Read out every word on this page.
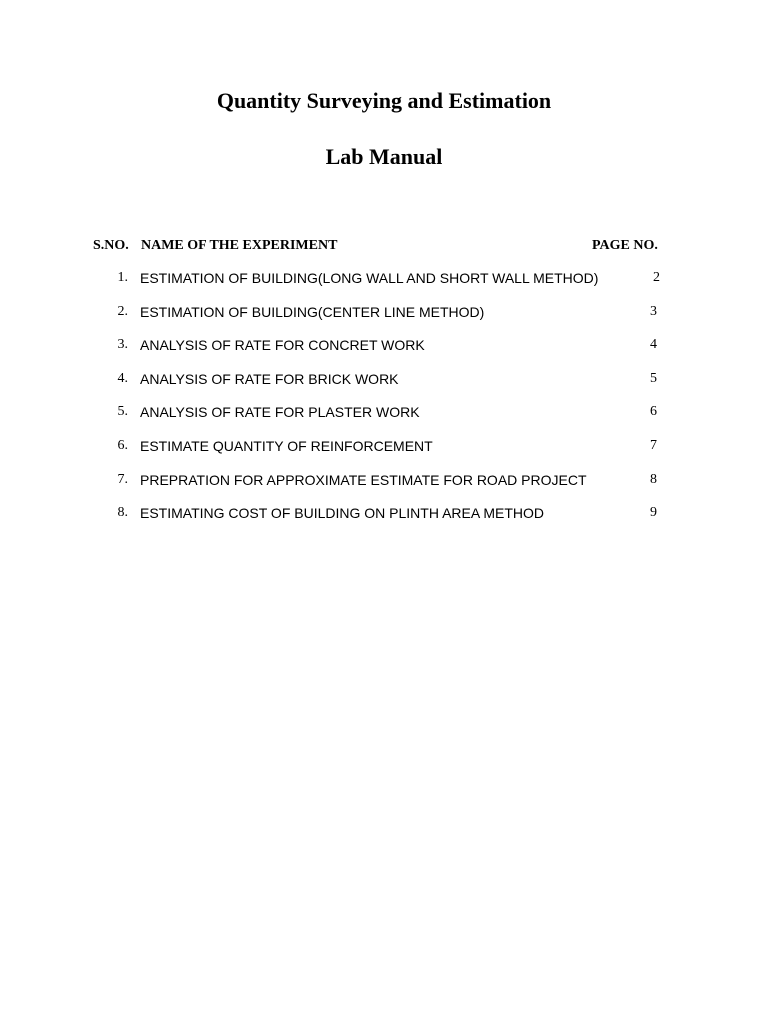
Quantity Surveying and Estimation
Lab Manual
S.NO. NAME OF THE EXPERIMENT	PAGE NO.
1. ESTIMATION OF BUILDING(LONG WALL AND SHORT WALL METHOD)	2
2. ESTIMATION OF BUILDING(CENTER LINE METHOD)	3
3. ANALYSIS OF RATE FOR CONCRET WORK	4
4. ANALYSIS OF RATE FOR BRICK WORK	5
5. ANALYSIS OF RATE FOR PLASTER WORK	6
6. ESTIMATE QUANTITY OF REINFORCEMENT	7
7. PREPRATION FOR APPROXIMATE ESTIMATE FOR ROAD PROJECT	8
8. ESTIMATING COST OF BUILDING ON PLINTH AREA METHOD	9
